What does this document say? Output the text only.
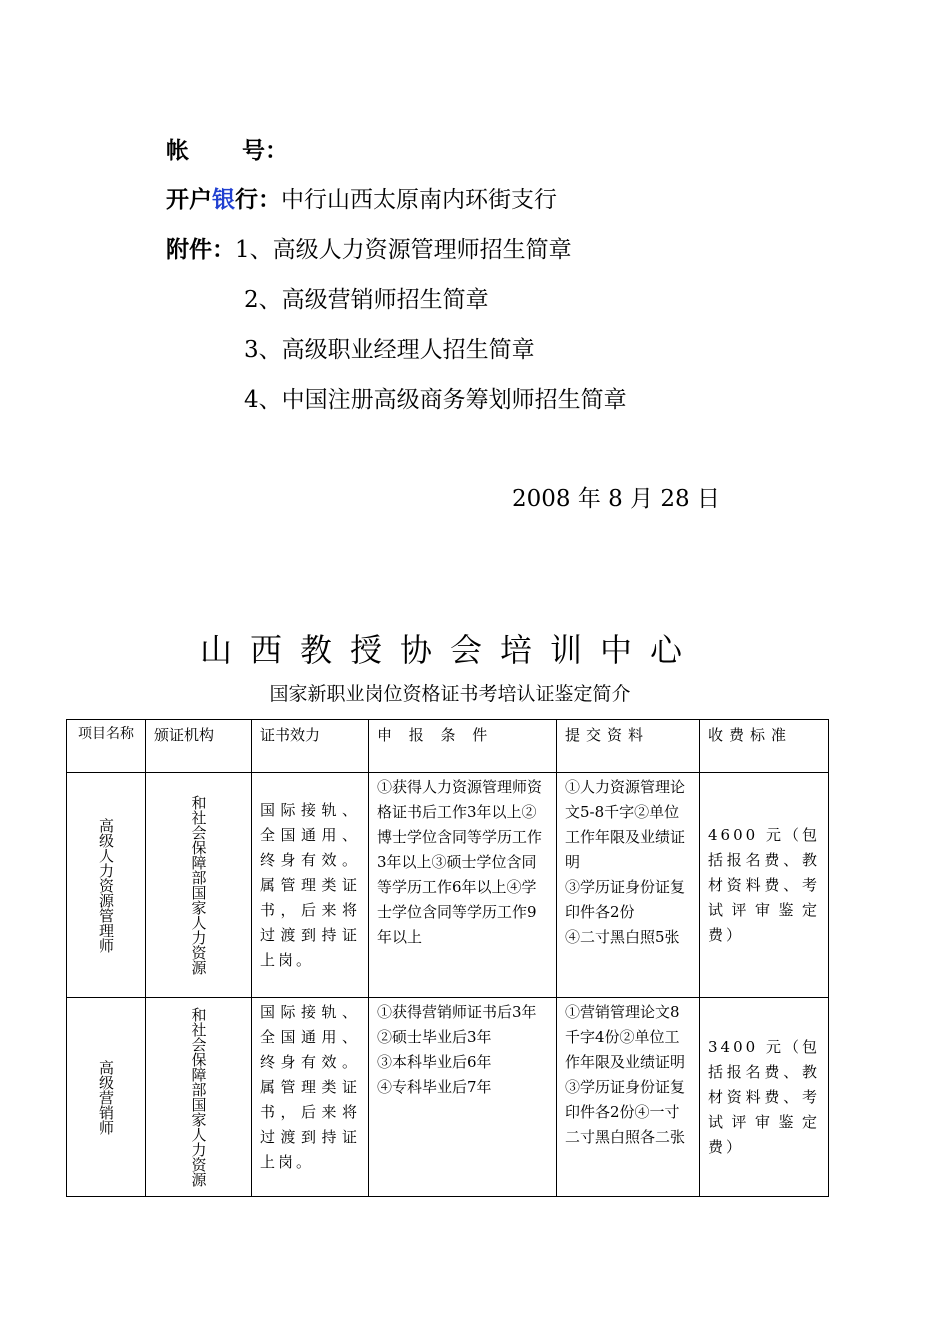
帐 号：
开户银行：中行山西太原南内环街支行
附件：1、高级人力资源管理师招生简章
2、高级营销师招生简章
3、高级职业经理人招生简章
4、中国注册高级商务筹划师招生简章
2008 年 8 月 28 日
山西教授协会培训中心
国家新职业岗位资格证书考培认证鉴定简介
项目名称	颁证机构	证书效力	申 报 条 件	提交资料	收费标准

高级人力资源管理师	和社会保障部国家人力资源	国际接轨、全国通用、终身有效。属管理类证书，后来将过渡到持证上岗。	①获得人力资源管理师资格证书后工作3年以上②博士学位含同等学历工作3年以上③硕士学位含同等学历工作6年以上④学士学位含同等学历工作9年以上	①人力资源管理论文5-8千字②单位工作年限及业绩证明
③学历证身份证复印件各2份
④二寸黑白照5张	4600 元（包括报名费、教材资料费、考试评审鉴定费）

高级营销师	和社会保障部国家人力资源	国际接轨、全国通用、终身有效。属管理类证书，后来将过渡到持证上岗。	①获得营销师证书后3年
②硕士毕业后3年
③本科毕业后6年
④专科毕业后7年	①营销管理论文8千字4份②单位工作年限及业绩证明③学历证身份证复印件各2份④一寸二寸黑白照各二张	3400 元（包括报名费、教材资料费、考试评审鉴定费）
